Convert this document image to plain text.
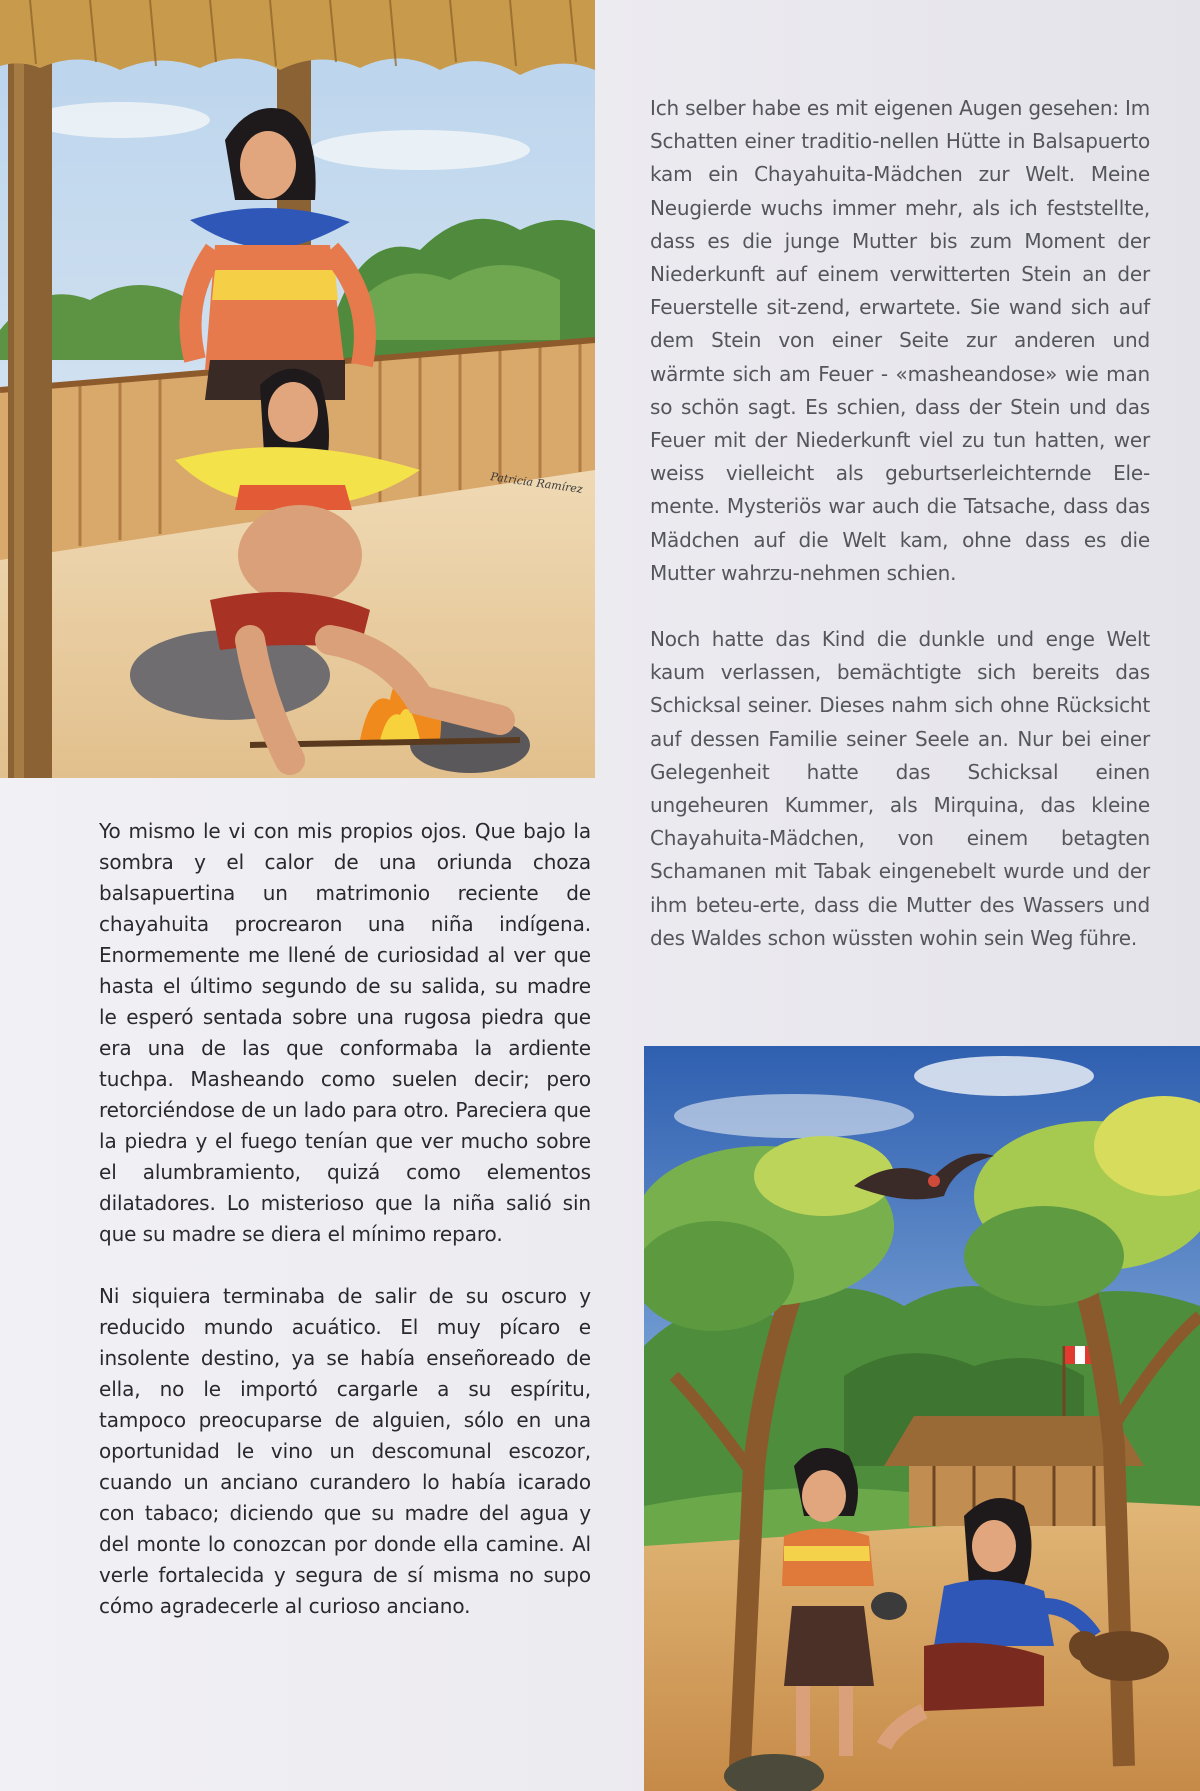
Patricia Ramírez

Ich selber habe es mit eigenen Augen gesehen: Im Schatten einer traditio-nellen Hütte in Balsapuerto kam ein Chayahuita-Mädchen zur Welt. Meine Neugierde wuchs immer mehr, als ich feststellte, dass es die junge Mutter bis zum Moment der Niederkunft auf einem verwitterten Stein an der Feuerstelle sit-zend, erwartete. Sie wand sich auf dem Stein von einer Seite zur anderen und wärmte sich am Feuer - «masheandose» wie man so schön sagt. Es schien, dass der Stein und das Feuer mit der Niederkunft viel zu tun hatten, wer weiss vielleicht als geburtserleichternde Ele-mente. Mysteriös war auch die Tatsache, dass das Mädchen auf die Welt kam, ohne dass es die Mutter wahrzu-nehmen schien.

Noch hatte das Kind die dunkle und enge Welt kaum verlassen, bemächtigte sich bereits das Schicksal seiner. Dieses nahm sich ohne Rücksicht auf dessen Familie seiner Seele an. Nur bei einer Gelegenheit hatte das Schicksal einen ungeheuren Kummer, als Mirquina, das kleine Chayahuita-Mädchen, von einem betagten Schamanen mit Tabak eingenebelt wurde und der ihm beteu-erte, dass die Mutter des Wassers und des Waldes schon wüssten wohin sein Weg führe.

Yo mismo le vi con mis propios ojos. Que bajo la sombra y el calor de una oriunda choza balsapuertina un matrimonio reciente de chayahuita procrearon una niña indígena. Enormemente me llené de curiosidad al ver que hasta el último segundo de su salida, su madre le esperó sentada sobre una rugosa piedra que era una de las que conformaba la ardiente tuchpa. Masheando como suelen decir; pero retorciéndose de un lado para otro. Pareciera que la piedra y el fuego tenían que ver mucho sobre el alumbramiento, quizá como elementos dilatadores. Lo misterioso que la niña salió sin que su madre se diera el mínimo reparo.

Ni siquiera terminaba de salir de su oscuro y reducido mundo acuático. El muy pícaro e insolente destino, ya se había enseñoreado de ella, no le importó cargarle a su espíritu, tampoco preocuparse de alguien, sólo en una oportunidad le vino un descomunal escozor, cuando un anciano curandero lo había icarado con tabaco; diciendo que su madre del agua y del monte lo conozcan por donde ella camine. Al verle fortalecida y segura de sí misma no supo cómo agradecerle al curioso anciano.
